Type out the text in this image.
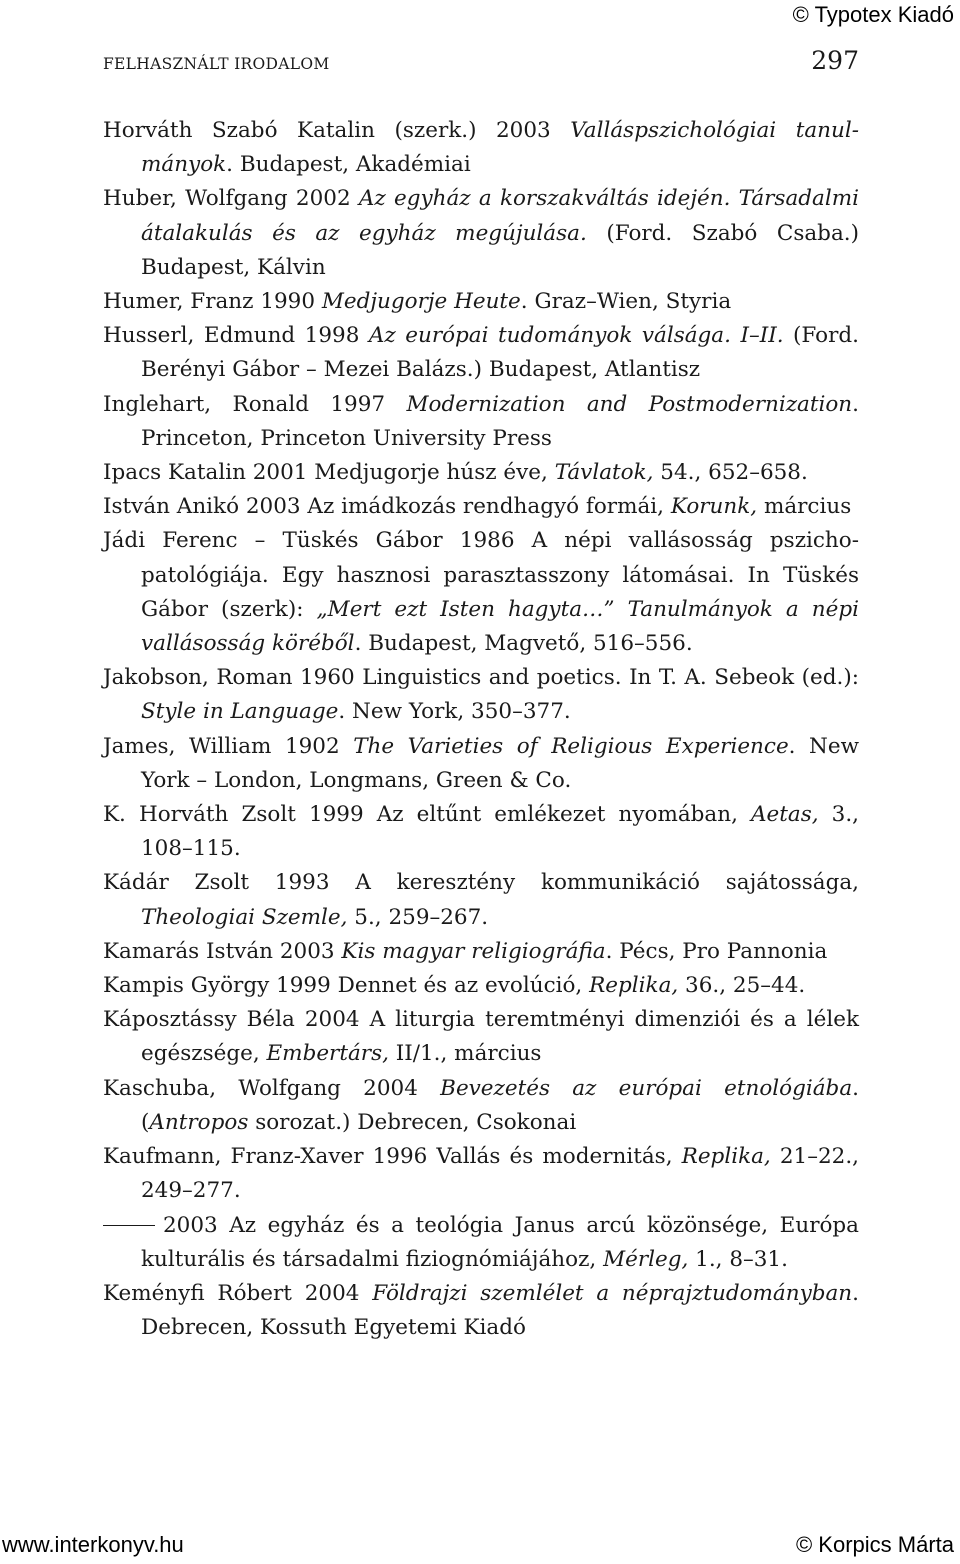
© Typotex Kiadó
FELHASZNÁLT IRODALOM	297
Horváth Szabó Katalin (szerk.) 2003 Valláspszichológiai tanulmányok. Budapest, Akadémiai
Huber, Wolfgang 2002 Az egyház a korszakváltás idején. Társadalmi átalakulás és az egyház megújulása. (Ford. Szabó Csaba.) Budapest, Kálvin
Humer, Franz 1990 Medjugorje Heute. Graz–Wien, Styria
Husserl, Edmund 1998 Az európai tudományok válsága. I–II. (Ford. Berényi Gábor – Mezei Balázs.) Budapest, Atlantisz
Inglehart, Ronald 1997 Modernization and Postmodernization. Princeton, Princeton University Press
Ipacs Katalin 2001 Medjugorje húsz éve, Távlatok, 54., 652–658.
István Anikó 2003 Az imádkozás rendhagyó formái, Korunk, március
Jádi Ferenc – Tüskés Gábor 1986 A népi vallásosság pszichopatológiája. Egy hasznosi parasztasszony látomásai. In Tüskés Gábor (szerk): „Mert ezt Isten hagyta…” Tanulmányok a népi vallásosság köréből. Budapest, Magvető, 516–556.
Jakobson, Roman 1960 Linguistics and poetics. In T. A. Sebeok (ed.): Style in Language. New York, 350–377.
James, William 1902 The Varieties of Religious Experience. New York – London, Longmans, Green & Co.
K. Horváth Zsolt 1999 Az eltűnt emlékezet nyomában, Aetas, 3., 108–115.
Kádár Zsolt 1993 A keresztény kommunikáció sajátossága, Theologiai Szemle, 5., 259–267.
Kamarás István 2003 Kis magyar religiográfia. Pécs, Pro Pannonia
Kampis György 1999 Dennet és az evolúció, Replika, 36., 25–44.
Káposztássy Béla 2004 A liturgia teremtményi dimenziói és a lélek egészsége, Embertárs, II/1., március
Kaschuba, Wolfgang 2004 Bevezetés az európai etnológiába. (Antropos sorozat.) Debrecen, Csokonai
Kaufmann, Franz-Xaver 1996 Vallás és modernitás, Replika, 21–22., 249–277.
2003 Az egyház és a teológia Janus arcú közönsége, Európa kulturális és társadalmi fiziognómiájához, Mérleg, 1., 8–31.
Keményfi Róbert 2004 Földrajzi szemlélet a néprajztudományban. Debrecen, Kossuth Egyetemi Kiadó
www.interkonyv.hu	© Korpics Márta
